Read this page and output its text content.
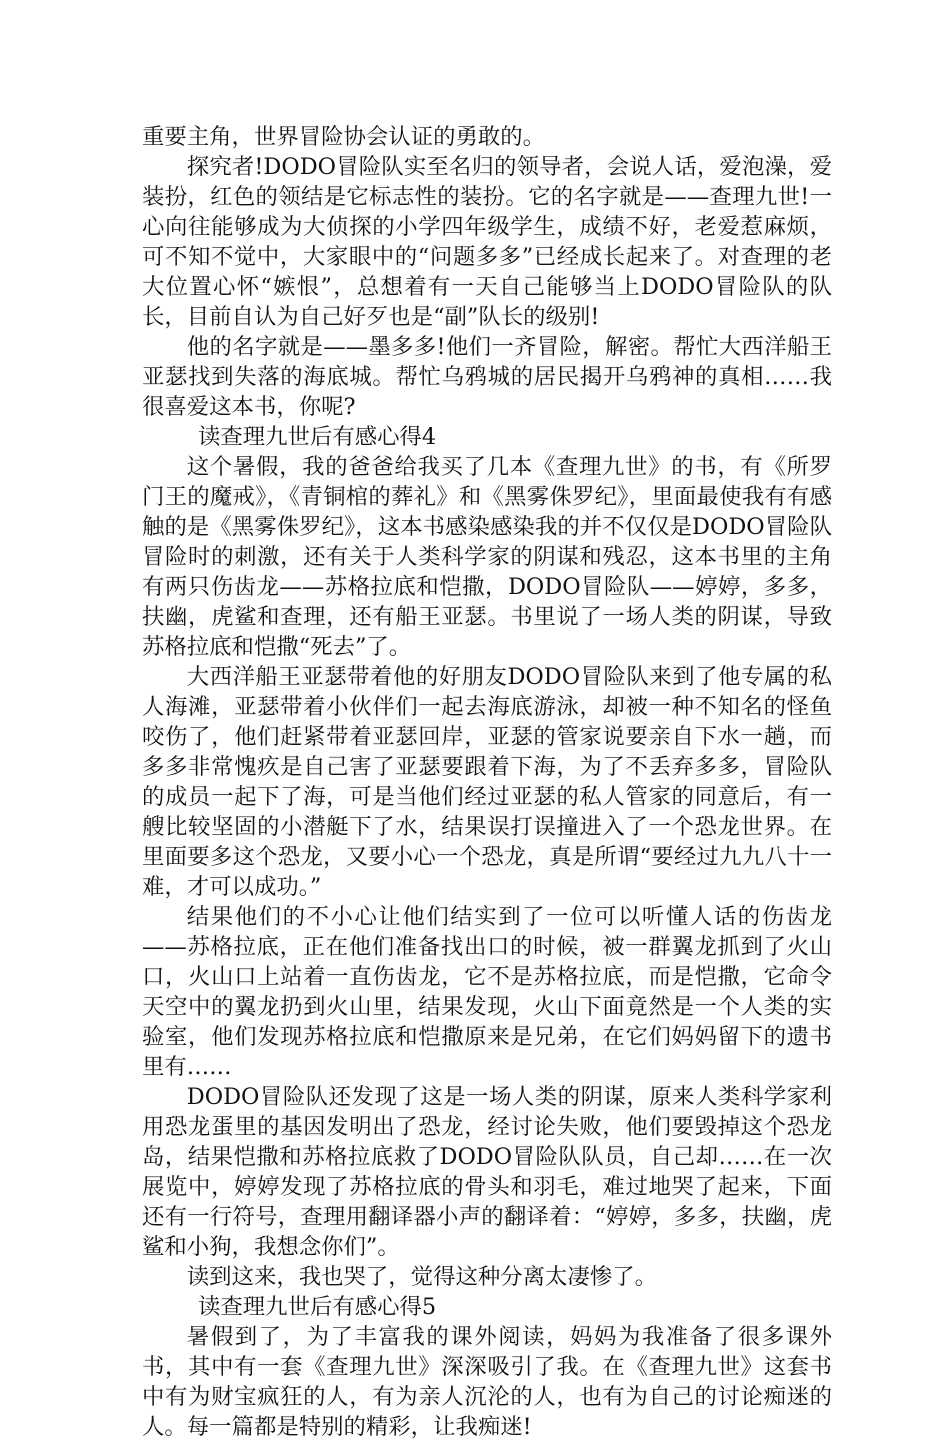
重要主角，世界冒险协会认证的勇敢的。

探究者!DODO冒险队实至名归的领导者，会说人话，爱泡澡，爱装扮，红色的领结是它标志性的装扮。它的名字就是——查理九世!一心向往能够成为大侦探的小学四年级学生，成绩不好，老爱惹麻烦，可不知不觉中，大家眼中的“问题多多”已经成长起来了。对查理的老大位置心怀“嫉恨”，总想着有一天自己能够当上DODO冒险队的队长，目前自认为自己好歹也是“副”队长的级别!

他的名字就是——墨多多!他们一齐冒险，解密。帮忙大西洋船王亚瑟找到失落的海底城。帮忙乌鸦城的居民揭开乌鸦神的真相……我很喜爱这本书，你呢?

读查理九世后有感心得4

这个暑假，我的爸爸给我买了几本《查理九世》的书，有《所罗门王的魔戒》，《青铜棺的葬礼》和《黑雾侏罗纪》，里面最使我有有感触的是《黑雾侏罗纪》，这本书感染感染我的并不仅仅是DODO冒险队冒险时的刺激，还有关于人类科学家的阴谋和残忍，这本书里的主角有两只伤齿龙——苏格拉底和恺撒，DODO冒险队——婷婷，多多，扶幽，虎鲨和查理，还有船王亚瑟。书里说了一场人类的阴谋，导致苏格拉底和恺撒“死去”了。

大西洋船王亚瑟带着他的好朋友DODO冒险队来到了他专属的私人海滩，亚瑟带着小伙伴们一起去海底游泳，却被一种不知名的怪鱼咬伤了，他们赶紧带着亚瑟回岸，亚瑟的管家说要亲自下水一趟，而多多非常愧疚是自己害了亚瑟要跟着下海，为了不丢弃多多，冒险队的成员一起下了海，可是当他们经过亚瑟的私人管家的同意后，有一艘比较坚固的小潜艇下了水，结果误打误撞进入了一个恐龙世界。在里面要多这个恐龙，又要小心一个恐龙，真是所谓“要经过九九八十一难，才可以成功。”

结果他们的不小心让他们结实到了一位可以听懂人话的伤齿龙——苏格拉底，正在他们准备找出口的时候，被一群翼龙抓到了火山口，火山口上站着一直伤齿龙，它不是苏格拉底，而是恺撒，它命令天空中的翼龙扔到火山里，结果发现，火山下面竟然是一个人类的实验室，他们发现苏格拉底和恺撒原来是兄弟，在它们妈妈留下的遗书里有……

DODO冒险队还发现了这是一场人类的阴谋，原来人类科学家利用恐龙蛋里的基因发明出了恐龙，经讨论失败，他们要毁掉这个恐龙岛，结果恺撒和苏格拉底救了DODO冒险队队员，自己却……在一次展览中，婷婷发现了苏格拉底的骨头和羽毛，难过地哭了起来，下面还有一行符号，查理用翻译器小声的翻译着：“婷婷，多多，扶幽，虎鲨和小狗，我想念你们”。

读到这来，我也哭了，觉得这种分离太凄惨了。

读查理九世后有感心得5

暑假到了，为了丰富我的课外阅读，妈妈为我准备了很多课外书，其中有一套《查理九世》深深吸引了我。在《查理九世》这套书中有为财宝疯狂的人，有为亲人沉沦的人，也有为自己的讨论痴迷的人。每一篇都是特别的精彩，让我痴迷!
